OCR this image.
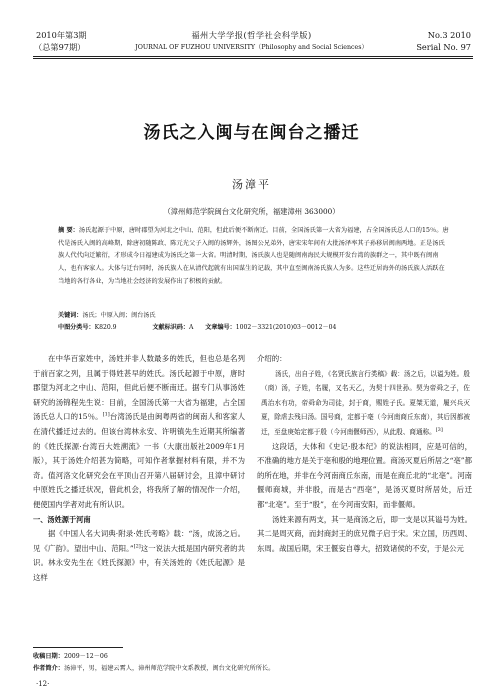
2010年第3期
（总第97期）
福州大学学报(哲学社会科学版)
JOURNAL OF FUZHOU UNIVERSITY（Philosophy and Social Sciences）
No.3 2010
Serial No. 97
汤氏之入闽与在闽台之播迁
汤漳平
（漳州师范学院闽台文化研究所，福建漳州 363000）
摘 要：汤氏起源于中原，唐时郡望为河北之中山、范阳，但此后便不断南迁。目前，全国汤氏第一大省为福建，占全国汤氏总人口的15％。唐代是汤氏入闽的高峰期，除唐初随陈政、陈元光父子入闽的汤辉外，汤图公兄弟外，唐宋宋年间有大批汤泽率其子孙移居闽南两地。正是汤氏族人代代向迁繁衍，才形成今日福建成为汤氏之第一大省。明清时期，汤氏族人也是随闽南海民大规模开发台湾的族群之一，其中既有闽南人，也有客家人。大体与迁台同时，汤氏族人在从清代起就有出国谋生的记载，其中直至闽南汤氏族人为多。这些迁居海外的汤氏族人活跃在当地的各行各业，为当地社会经济的发展作出了积极的贡献。
关键词：汤氏；中原入闽；闽台汤氏
中图分类号：K820.9	文献标识码：A 文章编号：1002－3321(2010)03－0012－04

在中华百家姓中，汤姓并非人数最多的姓氏，但也总是名列于前百家之列，且属于得姓甚早的姓氏。汤氏起源于中原，唐时郡望为河北之中山、范阳，但此后便不断南迁。据专门从事汤姓研究的汤锦程先生说：目前，全国汤氏第一大省为福建，占全国汤氏总人口的15％。[1]台湾汤氏是由闽粤两省的闽南人和客家人在清代播迁过去的。但该台湾林永安、许明镇先生近期其所编著的《姓氏探源·台湾百大姓溯流》一书（大康出版社2009年1月版），其于汤姓介绍甚为简略，可知作者掌握材料有限，并不为奇。值河洛文化研究会在平顶山召开第八届研讨会，且漳中研讨中原姓氏之播迁状况，借此机会，将我所了解的情况作一介绍，便使国内学者对此有所认识。

一、汤姓源于河南

据《中国人名大词典·附录·姓氏考略》载：“汤，成汤之后。见《广韵》。望出中山、范阳。”[2]这一说法大抵是国内研究者的共识。林永安先生在《姓氏探源》中，有关汤姓的《姓氏起源》是这样

介绍的：

汤氏，出自子姓，《名贤氏族言行类稿》载：汤之后，以谥为姓。殷（商）汤，子姓，名履，又名天乙，为契十四世孙。契为帝舜之子，佐禹治水有功，帝舜命为司徒，封于商，赐姓子氏。夏桀无道，履兴兵灭夏，除虐去残曰汤。国号商，定都于亳（今河南商丘东南），其后因都被迁，至盘庚始定都于殷（今河南偃师西），从此殷、商通称。[3]

这段话，大体和《史记·殷本纪》的说法相同，应是可信的，不准确的地方是关于亳和殷的地理位置。商汤灭夏后所居之“亳”都的所在地，并非在今河南商丘东南，而是在商丘北的“北亳”。河南偃师商城，并非殷，而是古“西亳”，是汤灭夏时所居处，后迁都“北亳”。至于“殷”，在今河南安阳，而非偃师。

汤姓来源有两支，其一是商汤之后，即一支是以其谥号为姓。其二是周灭商，而封商封王的庶兄微子启于宋。宋立国，历西周、东周。战国后期，宋王偃妄自尊大，招致诸侯的不安，于是公元

收稿日期：2009－12－06
作者简介：汤漳平，男，福建云霄人，漳州师范学院中文系教授，闽台文化研究所所长。
·12·
